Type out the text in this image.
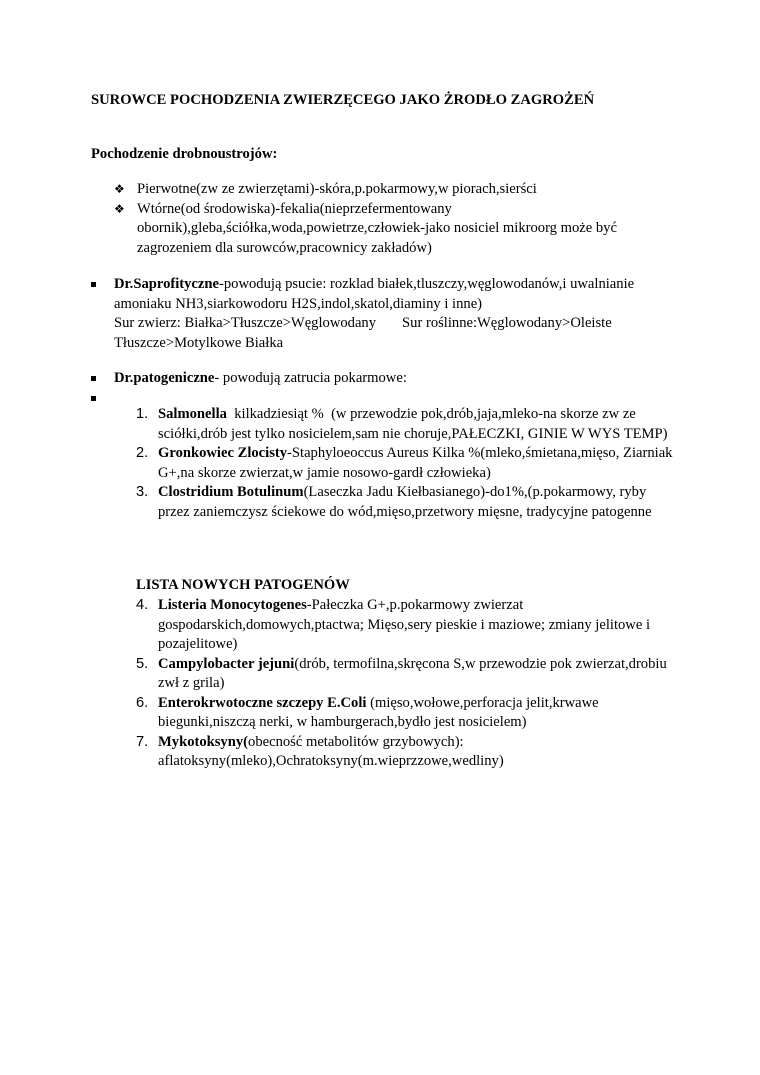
SUROWCE POCHODZENIA ZWIERZĘCEGO JAKO ŻRODŁO ZAGROŻEŃ

Pochodzenie drobnoustrojów:

❖ Pierwotne(zw ze zwierzętami)-skóra,p.pokarmowy,w piorach,sierści
❖ Wtórne(od środowiska)-fekalia(nieprzefermentowany obornik),gleba,ściółka,woda,powietrze,człowiek-jako nosiciel mikroorg może być zagrozeniem dla surowców,pracownicy zakładów)
Dr.Saprofityczne-powodują psucie: rozklad białek,tluszczy,węglowodanów,i uwalnianie amoniaku NH3,siarkowodoru H2S,indol,skatol,diaminy i inne)
Sur zwierz: Białka>Tłuszcze>Węglowodany Sur roślinne:Węglowodany>Oleiste Tłuszcze>Motylkowe Białka
Dr.patogeniczne- powodują zatrucia pokarmowe:
1. Salmonella  kilkadziesiąt %  (w przewodzie pok,drób,jaja,mleko-na skorze zw ze sciółki,drób jest tylko nosicielem,sam nie choruje,PAŁECZKI, GINIE W WYS TEMP)
2. Gronkowiec Zlocisty-Staphyloeoccus Aureus Kilka %(mleko,śmietana,mięso, Ziarniak G+,na skorze zwierzat,w jamie nosowo-gardł człowieka)
3. Clostridium Botulinum(Laseczka Jadu Kiełbasianego)-do1%,(p.pokarmowy, ryby przez zaniemczysz ściekowe do wód,mięso,przetwory mięsne, tradycyjne patogenne

LISTA NOWYCH PATOGENÓW

4. Listeria Monocytogenes-Pałeczka G+,p.pokarmowy zwierzat gospodarskich,domowych,ptactwa; Mięso,sery pieskie i maziowe; zmiany jelitowe i pozajelitowe)
5. Campylobacter jejuni(drób, termofilna,skręcona S,w przewodzie pok zwierzat,drobiu zwł z grila)
6. Enterokrwotoczne szczepy E.Coli (mięso,wołowe,perforacja jelit,krwawe biegunki,niszczą nerki, w hamburgerach,bydło jest nosicielem)
7. Mykotoksyny(obecność metabolitów grzybowych): aflatoksyny(mleko),Ochratoksyny(m.wieprzzowe,wedliny)
